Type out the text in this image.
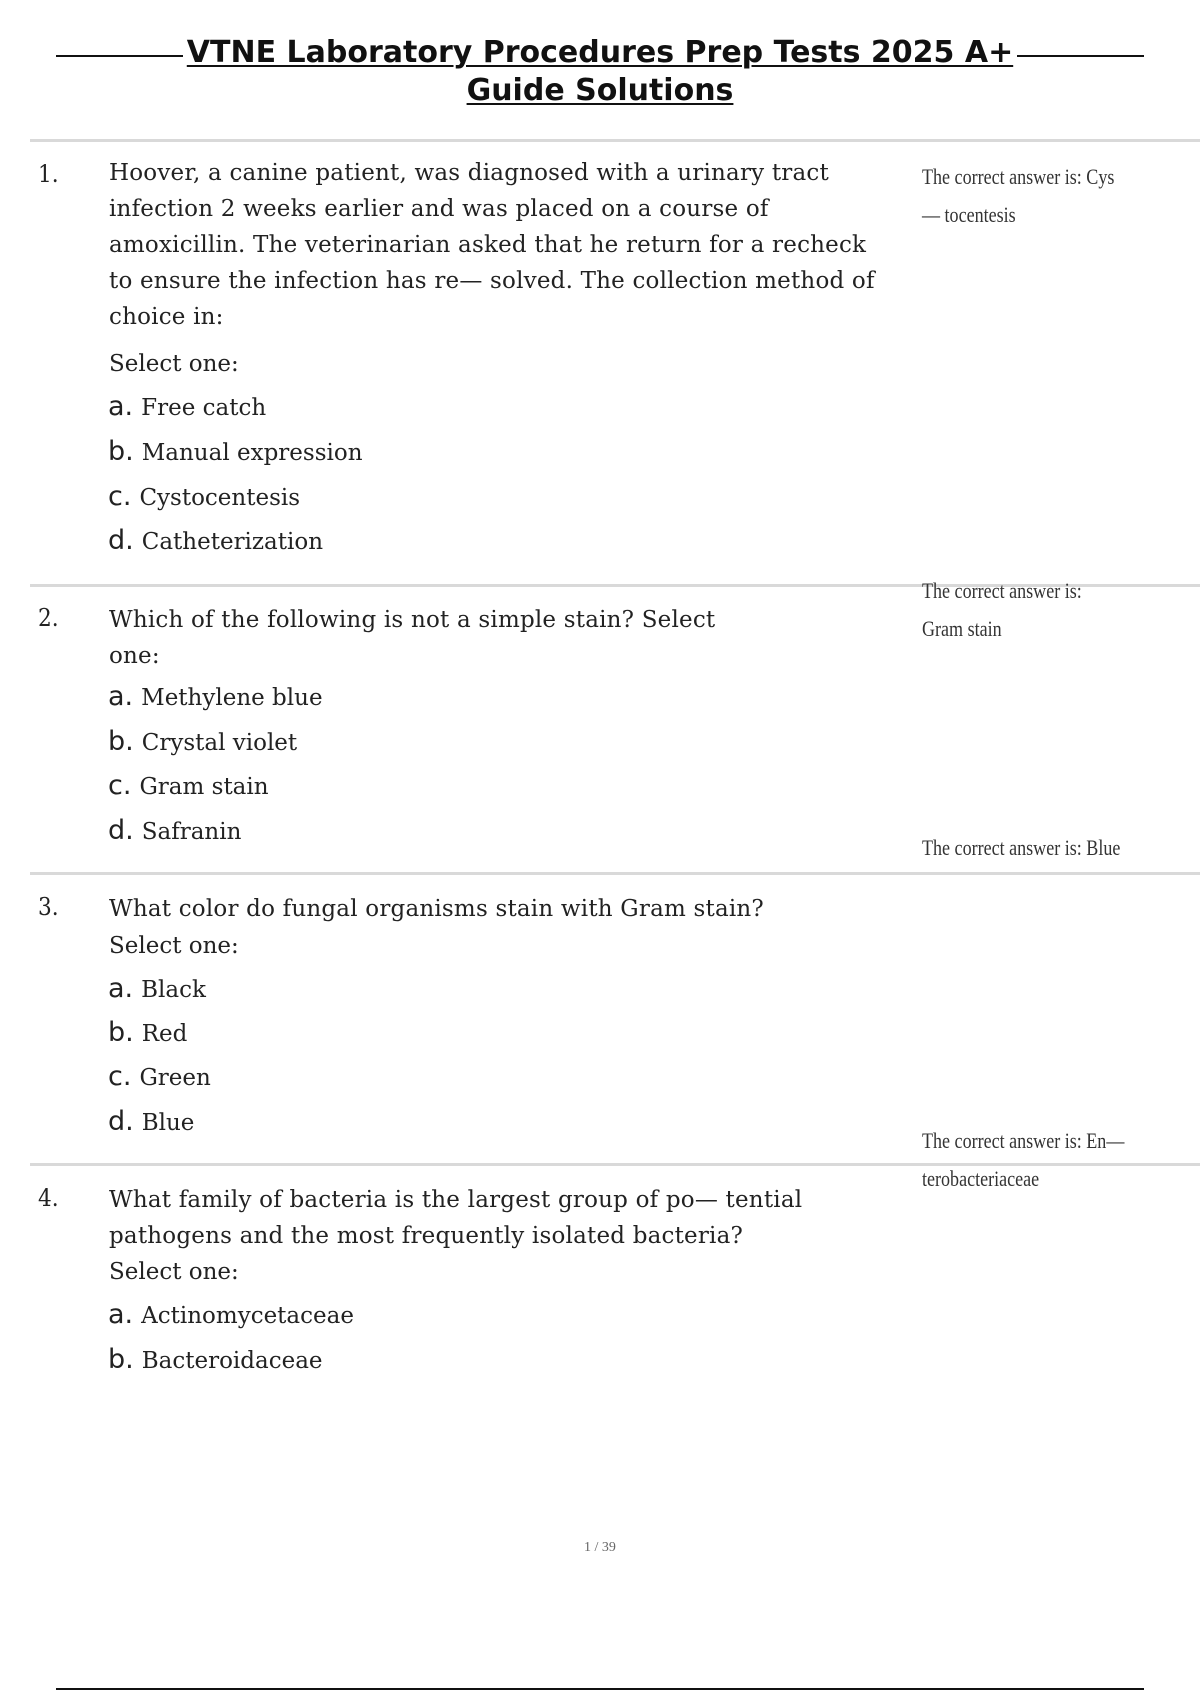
VTNE Laboratory Procedures Prep Tests 2025 A+
Guide Solutions
1. Hoover, a canine patient, was diagnosed with a urinary tract infection 2 weeks earlier and was placed on a course of amoxicillin. The veterinarian asked that he return for a recheck to ensure the infection has re— solved. The collection method of choice in:
Select one:
a. Free catch
b. Manual expression
c. Cystocentesis
d. Catheterization
The correct answer is: Cys— tocentesis
2. Which of the following is not a simple stain? Select one:
a. Methylene blue
b. Crystal violet
c. Gram stain
d. Safranin
The correct answer is: Gram stain
3. What color do fungal organisms stain with Gram stain?
Select one:
a. Black
b. Red
c. Green
d. Blue
The correct answer is: Blue
4. What family of bacteria is the largest group of po— tential pathogens and the most frequently isolated bacteria?
Select one:
a. Actinomycetaceae
b. Bacteroidaceae
The correct answer is: En— terobacteriaceae
1 / 39
